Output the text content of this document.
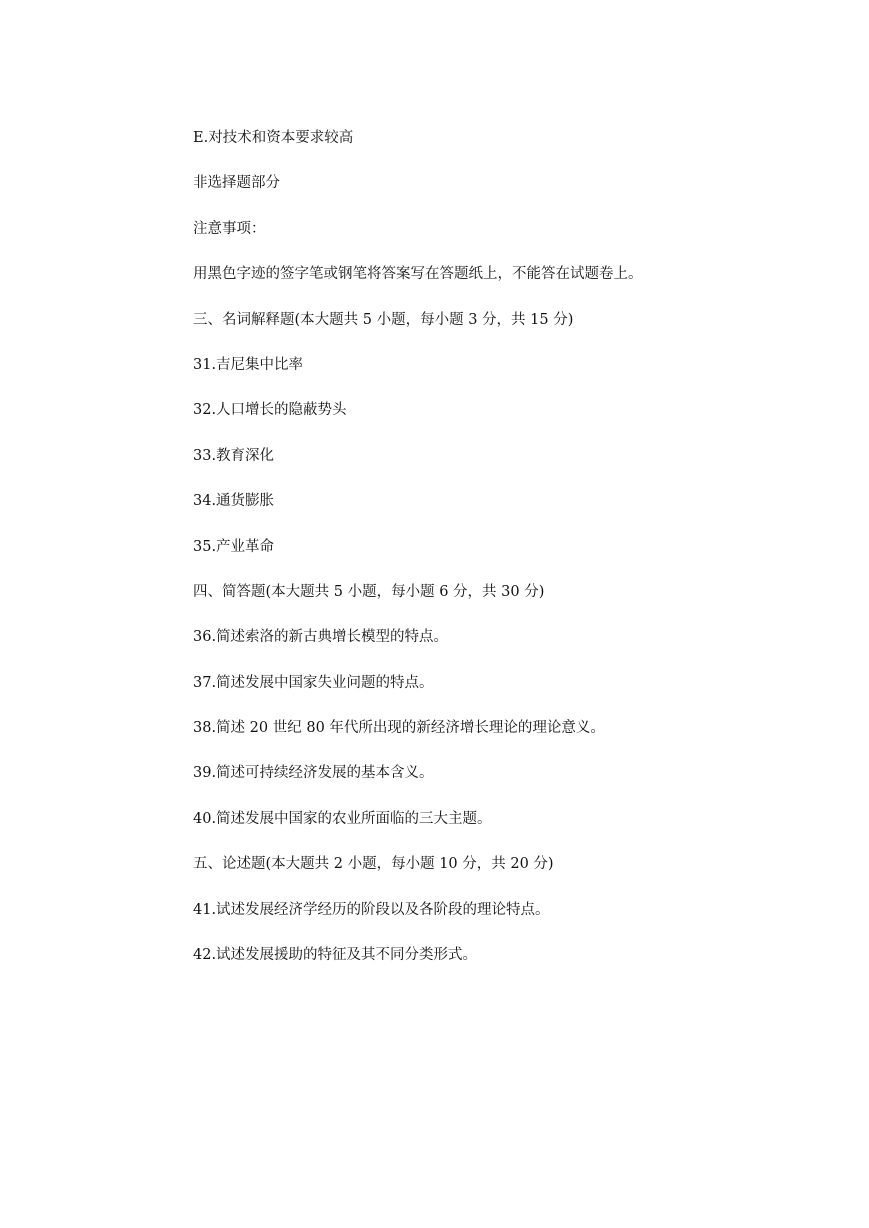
E.对技术和资本要求较高
非选择题部分
注意事项：
用黑色字迹的签字笔或钢笔将答案写在答题纸上，不能答在试题卷上。
三、名词解释题(本大题共 5 小题，每小题 3 分，共 15 分)
31.吉尼集中比率
32.人口增长的隐蔽势头
33.教育深化
34.通货膨胀
35.产业革命
四、简答题(本大题共 5 小题，每小题 6 分，共 30 分)
36.简述索洛的新古典增长模型的特点。
37.简述发展中国家失业问题的特点。
38.简述 20 世纪 80 年代所出现的新经济增长理论的理论意义。
39.简述可持续经济发展的基本含义。
40.简述发展中国家的农业所面临的三大主题。
五、论述题(本大题共 2 小题，每小题 10 分，共 20 分)
41.试述发展经济学经历的阶段以及各阶段的理论特点。
42.试述发展援助的特征及其不同分类形式。
